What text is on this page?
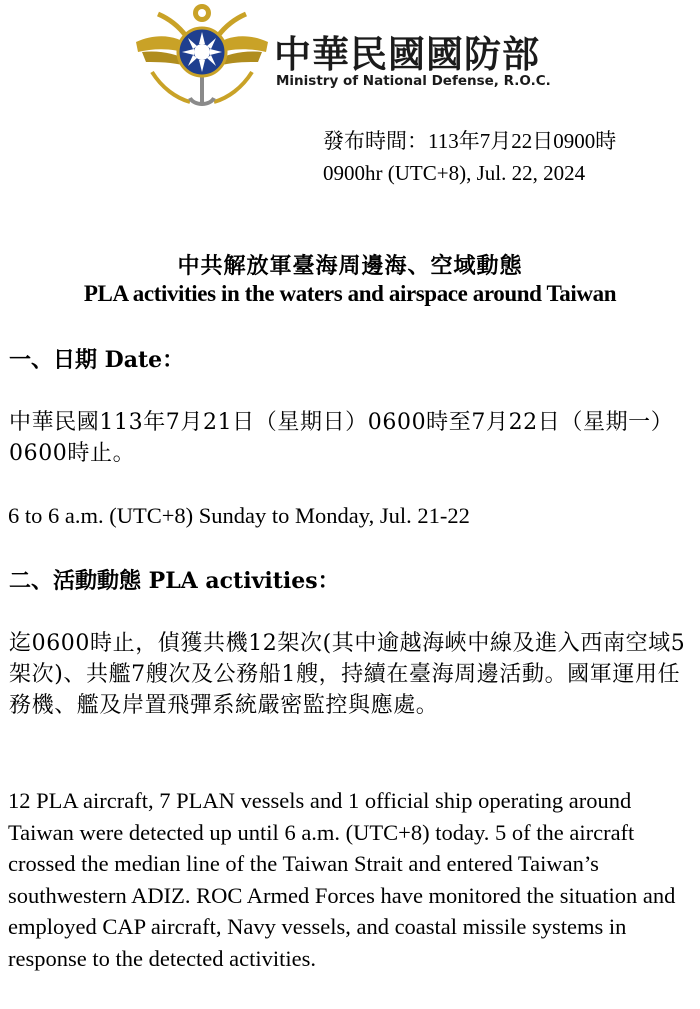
中華民國國防部
Ministry of National Defense, R.O.C.
發布時間：113年7月22日0900時
0900hr (UTC+8), Jul. 22, 2024
中共解放軍臺海周邊海、空域動態
PLA activities in the waters and airspace around Taiwan
一、日期 Date：
中華民國113年7月21日（星期日）0600時至7月22日（星期一）0600時止。
6 to 6 a.m. (UTC+8) Sunday to Monday, Jul. 21-22
二、活動動態 PLA activities：
迄0600時止，偵獲共機12架次(其中逾越海峽中線及進入西南空域5架次)、共艦7艘次及公務船1艘，持續在臺海周邊活動。國軍運用任務機、艦及岸置飛彈系統嚴密監控與應處。
12 PLA aircraft, 7 PLAN vessels and 1 official ship operating around Taiwan were detected up until 6 a.m. (UTC+8) today. 5 of the aircraft crossed the median line of the Taiwan Strait and entered Taiwan’s southwestern ADIZ. ROC Armed Forces have monitored the situation and employed CAP aircraft, Navy vessels, and coastal missile systems in response to the detected activities.
